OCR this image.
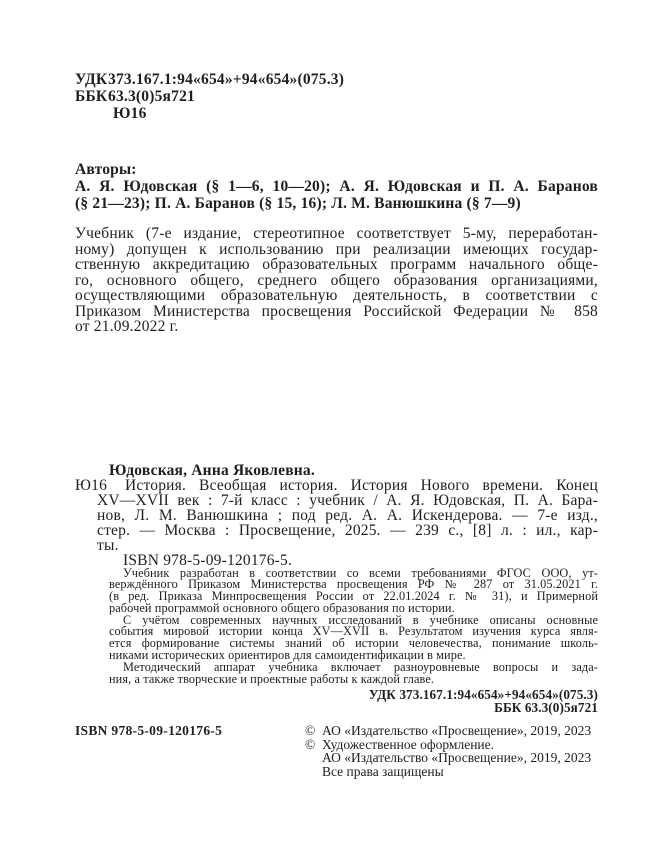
УДК373.167.1:94«654»+94«654»(075.3)
ББК63.3(0)5я721
Ю16
Авторы:
А. Я. Юдовская (§ 1—6, 10—20); А. Я. Юдовская и П. А. Баранов
(§ 21—23); П. А. Баранов (§ 15, 16); Л. М. Ванюшкина (§ 7—9)
Учебник (7-е издание, стереотипное соответствует 5-му, переработан-
ному) допущен к использованию при реализации имеющих государ-
ственную аккредитацию образовательных программ начального обще-
го, основного общего, среднего общего образования организациями,
осуществляющими образовательную деятельность, в соответствии с
Приказом Министерства просвещения Российской Федерации № 858
от 21.09.2022 г.
Юдовская, Анна Яковлевна.
Ю16	История. Всеобщая история. История Нового времени. Конец
XV—XVII век : 7-й класс : учебник / А. Я. Юдовская, П. А. Бара-
нов, Л. М. Ванюшкина ; под ред. А. А. Искендерова. — 7-е изд.,
стер. — Москва : Просвещение, 2025. — 239 с., [8] л. : ил., кар-
ты.
ISBN 978-5-09-120176-5.
Учебник разработан в соответствии со всеми требованиями ФГОС ООО, ут-
верждённого Приказом Министерства просвещения РФ № 287 от 31.05.2021 г.
(в ред. Приказа Минпросвещения России от 22.01.2024 г. № 31), и Примерной
рабочей программой основного общего образования по истории.
С учётом современных научных исследований в учебнике описаны основные
события мировой истории конца XV—XVII в. Результатом изучения курса явля-
ется формирование системы знаний об истории человечества, понимание школь-
никами исторических ориентиров для самоидентификации в мире.
Методический аппарат учебника включает разноуровневые вопросы и зада-
ния, а также творческие и проектные работы к каждой главе.
УДК 373.167.1:94«654»+94«654»(075.3)
ББК 63.3(0)5я721
ISBN 978-5-09-120176-5	© АО «Издательство «Просвещение», 2019, 2023
© Художественное оформление.
АО «Издательство «Просвещение», 2019, 2023
Все права защищены
